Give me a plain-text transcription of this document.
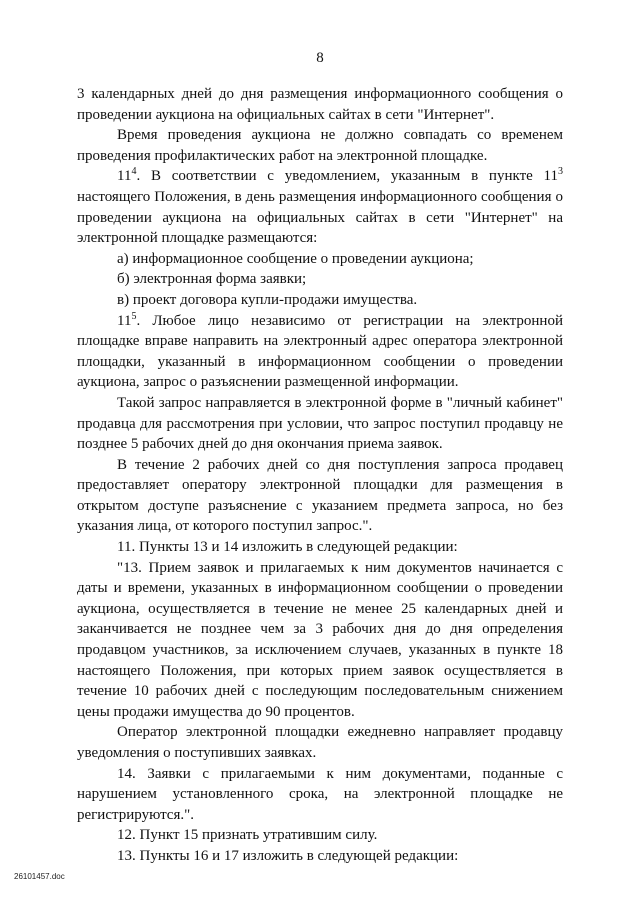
8

3 календарных дней до дня размещения информационного сообщения о проведении аукциона на официальных сайтах в сети "Интернет".

Время проведения аукциона не должно совпадать со временем проведения профилактических работ на электронной площадке.

$11^4$. В соответствии с уведомлением, указанным в пункте $11^3$ настоящего Положения, в день размещения информационного сообщения о проведении аукциона на официальных сайтах в сети "Интернет" на электронной площадке размещаются:

а) информационное сообщение о проведении аукциона;

б) электронная форма заявки;

в) проект договора купли-продажи имущества.

$11^5$. Любое лицо независимо от регистрации на электронной площадке вправе направить на электронный адрес оператора электронной площадки, указанный в информационном сообщении о проведении аукциона, запрос о разъяснении размещенной информации.

Такой запрос направляется в электронной форме в "личный кабинет" продавца для рассмотрения при условии, что запрос поступил продавцу не позднее 5 рабочих дней до дня окончания приема заявок.

В течение 2 рабочих дней со дня поступления запроса продавец предоставляет оператору электронной площадки для размещения в открытом доступе разъяснение с указанием предмета запроса, но без указания лица, от которого поступил запрос.".

11. Пункты 13 и 14 изложить в следующей редакции:

"13. Прием заявок и прилагаемых к ним документов начинается с даты и времени, указанных в информационном сообщении о проведении аукциона, осуществляется в течение не менее 25 календарных дней и заканчивается не позднее чем за 3 рабочих дня до дня определения продавцом участников, за исключением случаев, указанных в пункте 18 настоящего Положения, при которых прием заявок осуществляется в течение 10 рабочих дней с последующим последовательным снижением цены продажи имущества до 90 процентов.

Оператор электронной площадки ежедневно направляет продавцу уведомления о поступивших заявках.

14. Заявки с прилагаемыми к ним документами, поданные с нарушением установленного срока, на электронной площадке не регистрируются.".

12. Пункт 15 признать утратившим силу.

13. Пункты 16 и 17 изложить в следующей редакции:

26101457.doc
